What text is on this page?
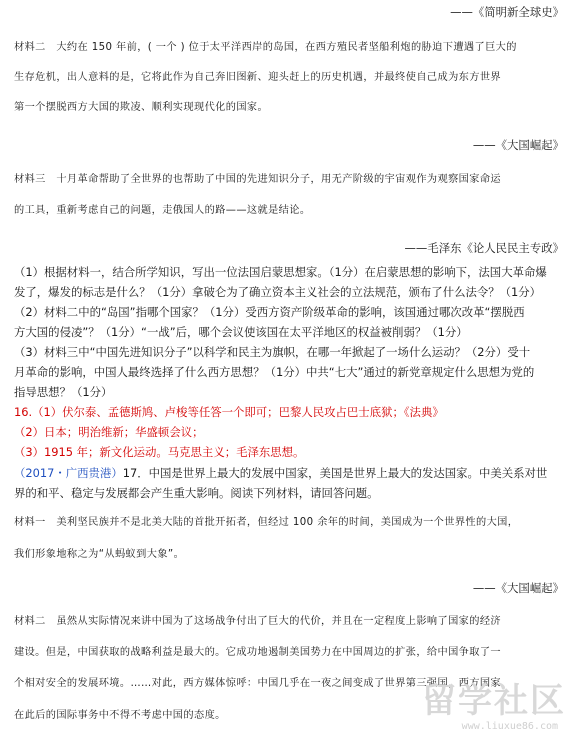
——《简明新全球史》
材料二　大约在 150 年前，( 一个 ) 位于太平洋西岸的岛国，在西方殖民者坚船利炮的胁迫下遭遇了巨大的
生存危机，出人意料的是，它将此作为自己奔旧图新、迎头赶上的历史机遇，并最终使自己成为东方世界
第一个摆脱西方大国的欺凌、顺利实现现代化的国家。
——《大国崛起》
材料三　十月革命帮助了全世界的也帮助了中国的先进知识分子，用无产阶级的宇宙观作为观察国家命运
的工具，重新考虑自己的问题，走俄国人的路——这就是结论。
——毛泽东《论人民民主专政》
（1）根据材料一，结合所学知识，写出一位法国启蒙思想家。（1分）在启蒙思想的影响下，法国大革命爆
发了，爆发的标志是什么？（1分）拿破仑为了确立资本主义社会的立法规范，颁布了什么法令？（1分）
（2）材料二中的“岛国”指哪个国家？（1分）受西方资产阶级革命的影响，该国通过哪次改革“摆脱西
方大国的侵凌”？（1分）“一战”后，哪个会议使该国在太平洋地区的权益被削弱？（1分）
（3）材料三中“中国先进知识分子”以科学和民主为旗帜，在哪一年掀起了一场什么运动？（2分）受十
月革命的影响，中国人最终选择了什么西方思想？（1分）中共“七大”通过的新党章规定什么思想为党的
指导思想？（1分）
16.（1）伏尔泰、孟德斯鸠、卢梭等任答一个即可；巴黎人民攻占巴士底狱；《法典》
（2）日本；明治维新；华盛顿会议；
（3）1915 年；新文化运动。马克思主义；毛泽东思想。
（2017・广西贵港）17．中国是世界上最大的发展中国家，美国是世界上最大的发达国家。中美关系对世
界的和平、稳定与发展都会产生重大影响。阅读下列材料，请回答问题。
材料一　美利坚民族并不是北美大陆的首批开拓者，但经过 100 余年的时间，美国成为一个世界性的大国，
我们形象地称之为“从蚂蚁到大象”。
——《大国崛起》
材料二　虽然从实际情况来讲中国为了这场战争付出了巨大的代价，并且在一定程度上影响了国家的经济
建设。但是，中国获取的战略利益是最大的。它成功地遏制美国势力在中国周边的扩张，给中国争取了一
个相对安全的发展环境。……对此，西方媒体惊呼：中国几乎在一夜之间变成了世界第三强国，西方国家
在此后的国际事务中不得不考虑中国的态度。	留学社区
www.liuxue86.com
